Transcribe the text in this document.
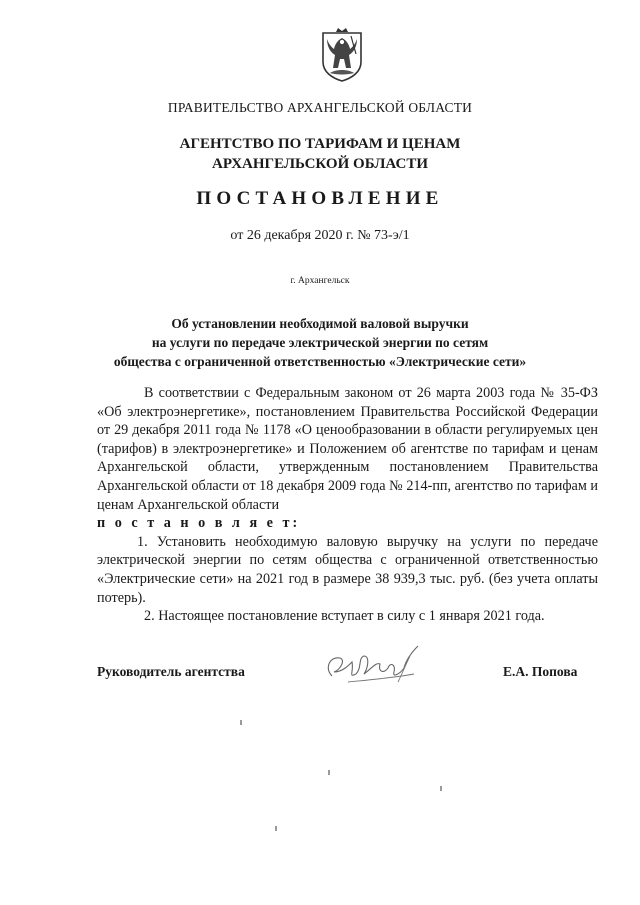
ПРАВИТЕЛЬСТВО АРХАНГЕЛЬСКОЙ ОБЛАСТИ
АГЕНТСТВО ПО ТАРИФАМ И ЦЕНАМ
АРХАНГЕЛЬСКОЙ ОБЛАСТИ
ПОСТАНОВЛЕНИЕ
от 26 декабря 2020 г. № 73-э/1
г. Архангельск
Об установлении необходимой валовой выручки
на услуги по передаче электрической энергии по сетям
общества с ограниченной ответственностью «Электрические сети»

В соответствии с Федеральным законом от 26 марта 2003 года № 35-ФЗ «Об электроэнергетике», постановлением Правительства Российской Федерации от 29 декабря 2011 года № 1178 «О ценообразовании в области регулируемых цен (тарифов) в электроэнергетике» и Положением об агентстве по тарифам и ценам Архангельской области, утвержденным постановлением Правительства Архангельской области от 18 декабря 2009 года № 214-пп, агентство по тарифам и ценам Архангельской области

п о с т а н о в л я е т:

1. Установить необходимую валовую выручку на услуги по передаче электрической энергии по сетям общества с ограниченной ответственностью «Электрические сети» на 2021 год в размере 38 939,3 тыс. руб. (без учета оплаты потерь).

2. Настоящее постановление вступает в силу с 1 января 2021 года.

Руководитель агентства	Е.А. Попова
